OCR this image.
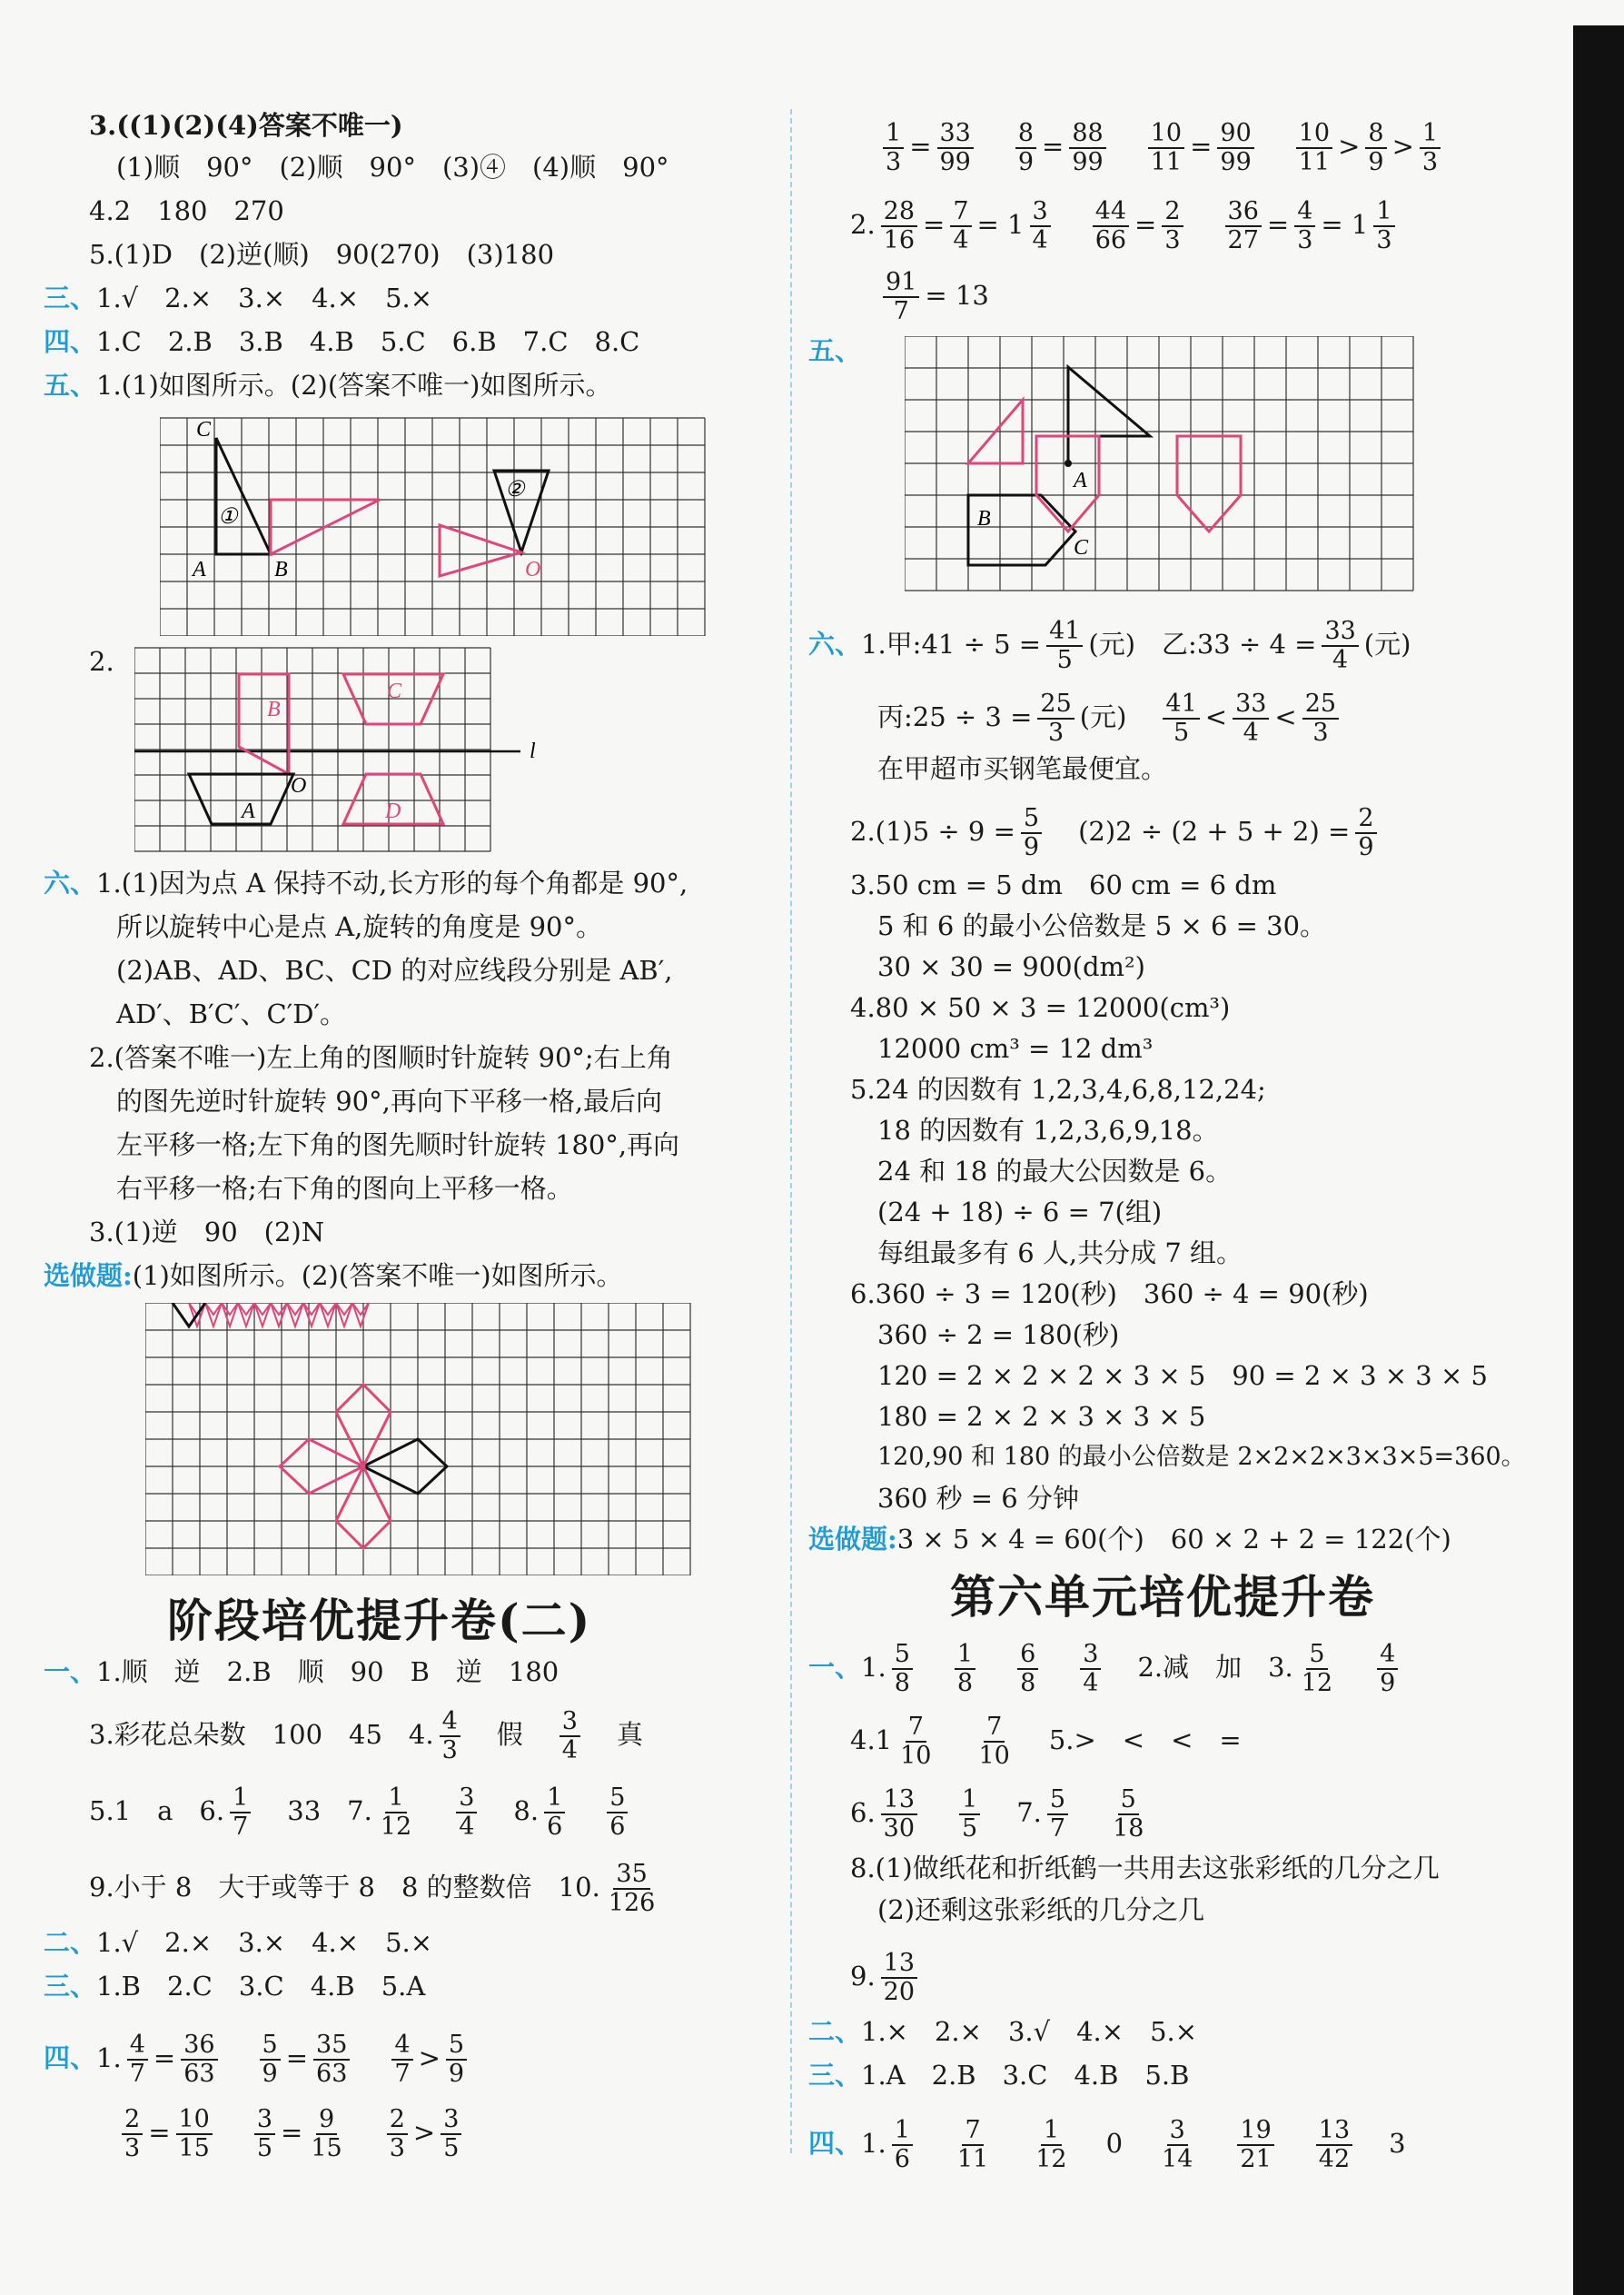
3.((1)(2)(4)答案不唯一)
(1)顺　90°　(2)顺　90°　(3)④　(4)顺　90°
4.2　180　270
5.(1)D　(2)逆(顺)　90(270)　(3)180
三、1.√　2.×　3.×　4.×　5.×
四、1.C　2.B　3.B　4.B　5.C　6.B　7.C　8.C
五、1.(1)如图所示。(2)(答案不唯一)如图所示。
C
①
A	B
②
O
2.
B
C
A
O
D
l
六、1.(1)因为点 A 保持不动,长方形的每个角都是 90°,
所以旋转中心是点 A,旋转的角度是 90°。
(2)AB、AD、BC、CD 的对应线段分别是 AB′,
AD′、B′C′、C′D′。
2.(答案不唯一)左上角的图顺时针旋转 90°;右上角
的图先逆时针旋转 90°,再向下平移一格,最后向
左平移一格;左下角的图先顺时针旋转 180°,再向
右平移一格;右下角的图向上平移一格。
3.(1)逆　90　(2)N
选做题:(1)如图所示。(2)(答案不唯一)如图所示。
阶段培优提升卷(二)
一、1.顺　逆　2.B　顺　90　B　逆　180
3.彩花总朵数　100　45　4. $\frac{4}{3}$ 假 $\frac{3}{4}$ 真
5.1　a　6. $\frac{1}{7} 33$　7. $\frac{1}{12} \frac{3}{4} 8$. $\frac{1}{6} \frac{5}{6}$
9.小于 8　大于或等于 8　8 的整数倍　10. $\frac{35}{126}$
二、1.√　2.×　3.×　4.×　5.×
三、1.B　2.C　3.C　4.B　5.A
四、1. $\frac{4}{7} = \frac{36}{63} \frac{5}{9} = \frac{35}{63} \frac{4}{7} > \frac{5}{9}$
$\frac{2}{3} = \frac{10}{15} \frac{3}{5} = \frac{9}{15} \frac{2}{3} > \frac{3}{5}$
$\frac{1}{3} = \frac{33}{99} \frac{8}{9} = \frac{88}{99} \frac{10}{11} = \frac{90}{99} \frac{10}{11} > \frac{8}{9} > \frac{1}{3}$
2. $\frac{28}{16} = \frac{7}{4} = 1 \frac{3}{4} \frac{44}{66} = \frac{2}{3} \frac{36}{27} = \frac{4}{3} = 1 \frac{1}{3}$
$\frac{91}{7} = 13$
五、
A
B
C
六、1.甲:41 ÷ $5 = \frac{41}{5}$ (元)　乙:33 ÷ $4 = \frac{33}{4}$ (元)
丙:25 ÷ $3 = \frac{25}{3}$ (元) $\frac{41}{5} < \frac{33}{4} < \frac{25}{3}$
在甲超市买钢笔最便宜。
$2.(1)5 \div 9 = \frac{5}{9} (2)2 \div (2 + 5 + 2) = \frac{2}{9}$
3.50 cm = 5 dm　60 cm = 6 dm
5 和 6 的最小公倍数是 5 × 6 = 30。
30 × 30 = 900(dm²)
4.80 × 50 × 3 = 12000(cm³)
12000 cm³ = 12 dm³
5.24 的因数有 1,2,3,4,6,8,12,24;
18 的因数有 1,2,3,6,9,18。
24 和 18 的最大公因数是 6。
(24 + 18) ÷ 6 = 7(组)
每组最多有 6 人,共分成 7 组。
6.360 ÷ 3 = 120(秒)　360 ÷ 4 = 90(秒)
360 ÷ 2 = 180(秒)
120 = 2 × 2 × 2 × 3 × 5　90 = 2 × 3 × 3 × 5
180 = 2 × 2 × 3 × 3 × 5
120,90 和 180 的最小公倍数是 2×2×2×3×3×5=360。
360 秒 = 6 分钟
选做题:3 × 5 × 4 = 60(个)　60 × 2 + 2 = 122(个)
第六单元培优提升卷
一、1. $\frac{5}{8} \frac{1}{8} \frac{6}{8} \frac{3}{4} 2$.减　加　3. $\frac{5}{12} \frac{4}{9}$
$4.1 \frac{7}{10} \frac{7}{10} 5.>$　<　<　=
6. $\frac{13}{30} \frac{1}{5} 7$. $\frac{5}{7} \frac{5}{18}$
8.(1)做纸花和折纸鹤一共用去这张彩纸的几分之几
(2)还剩这张彩纸的几分之几
9. $\frac{13}{20}$
二、1.×　2.×　3.√　4.×　5.×
三、1.A　2.B　3.C　4.B　5.B
四、1. $\frac{1}{6} \frac{7}{11} \frac{1}{12} 0 \frac{3}{14} \frac{19}{21} \frac{13}{42} 3$
